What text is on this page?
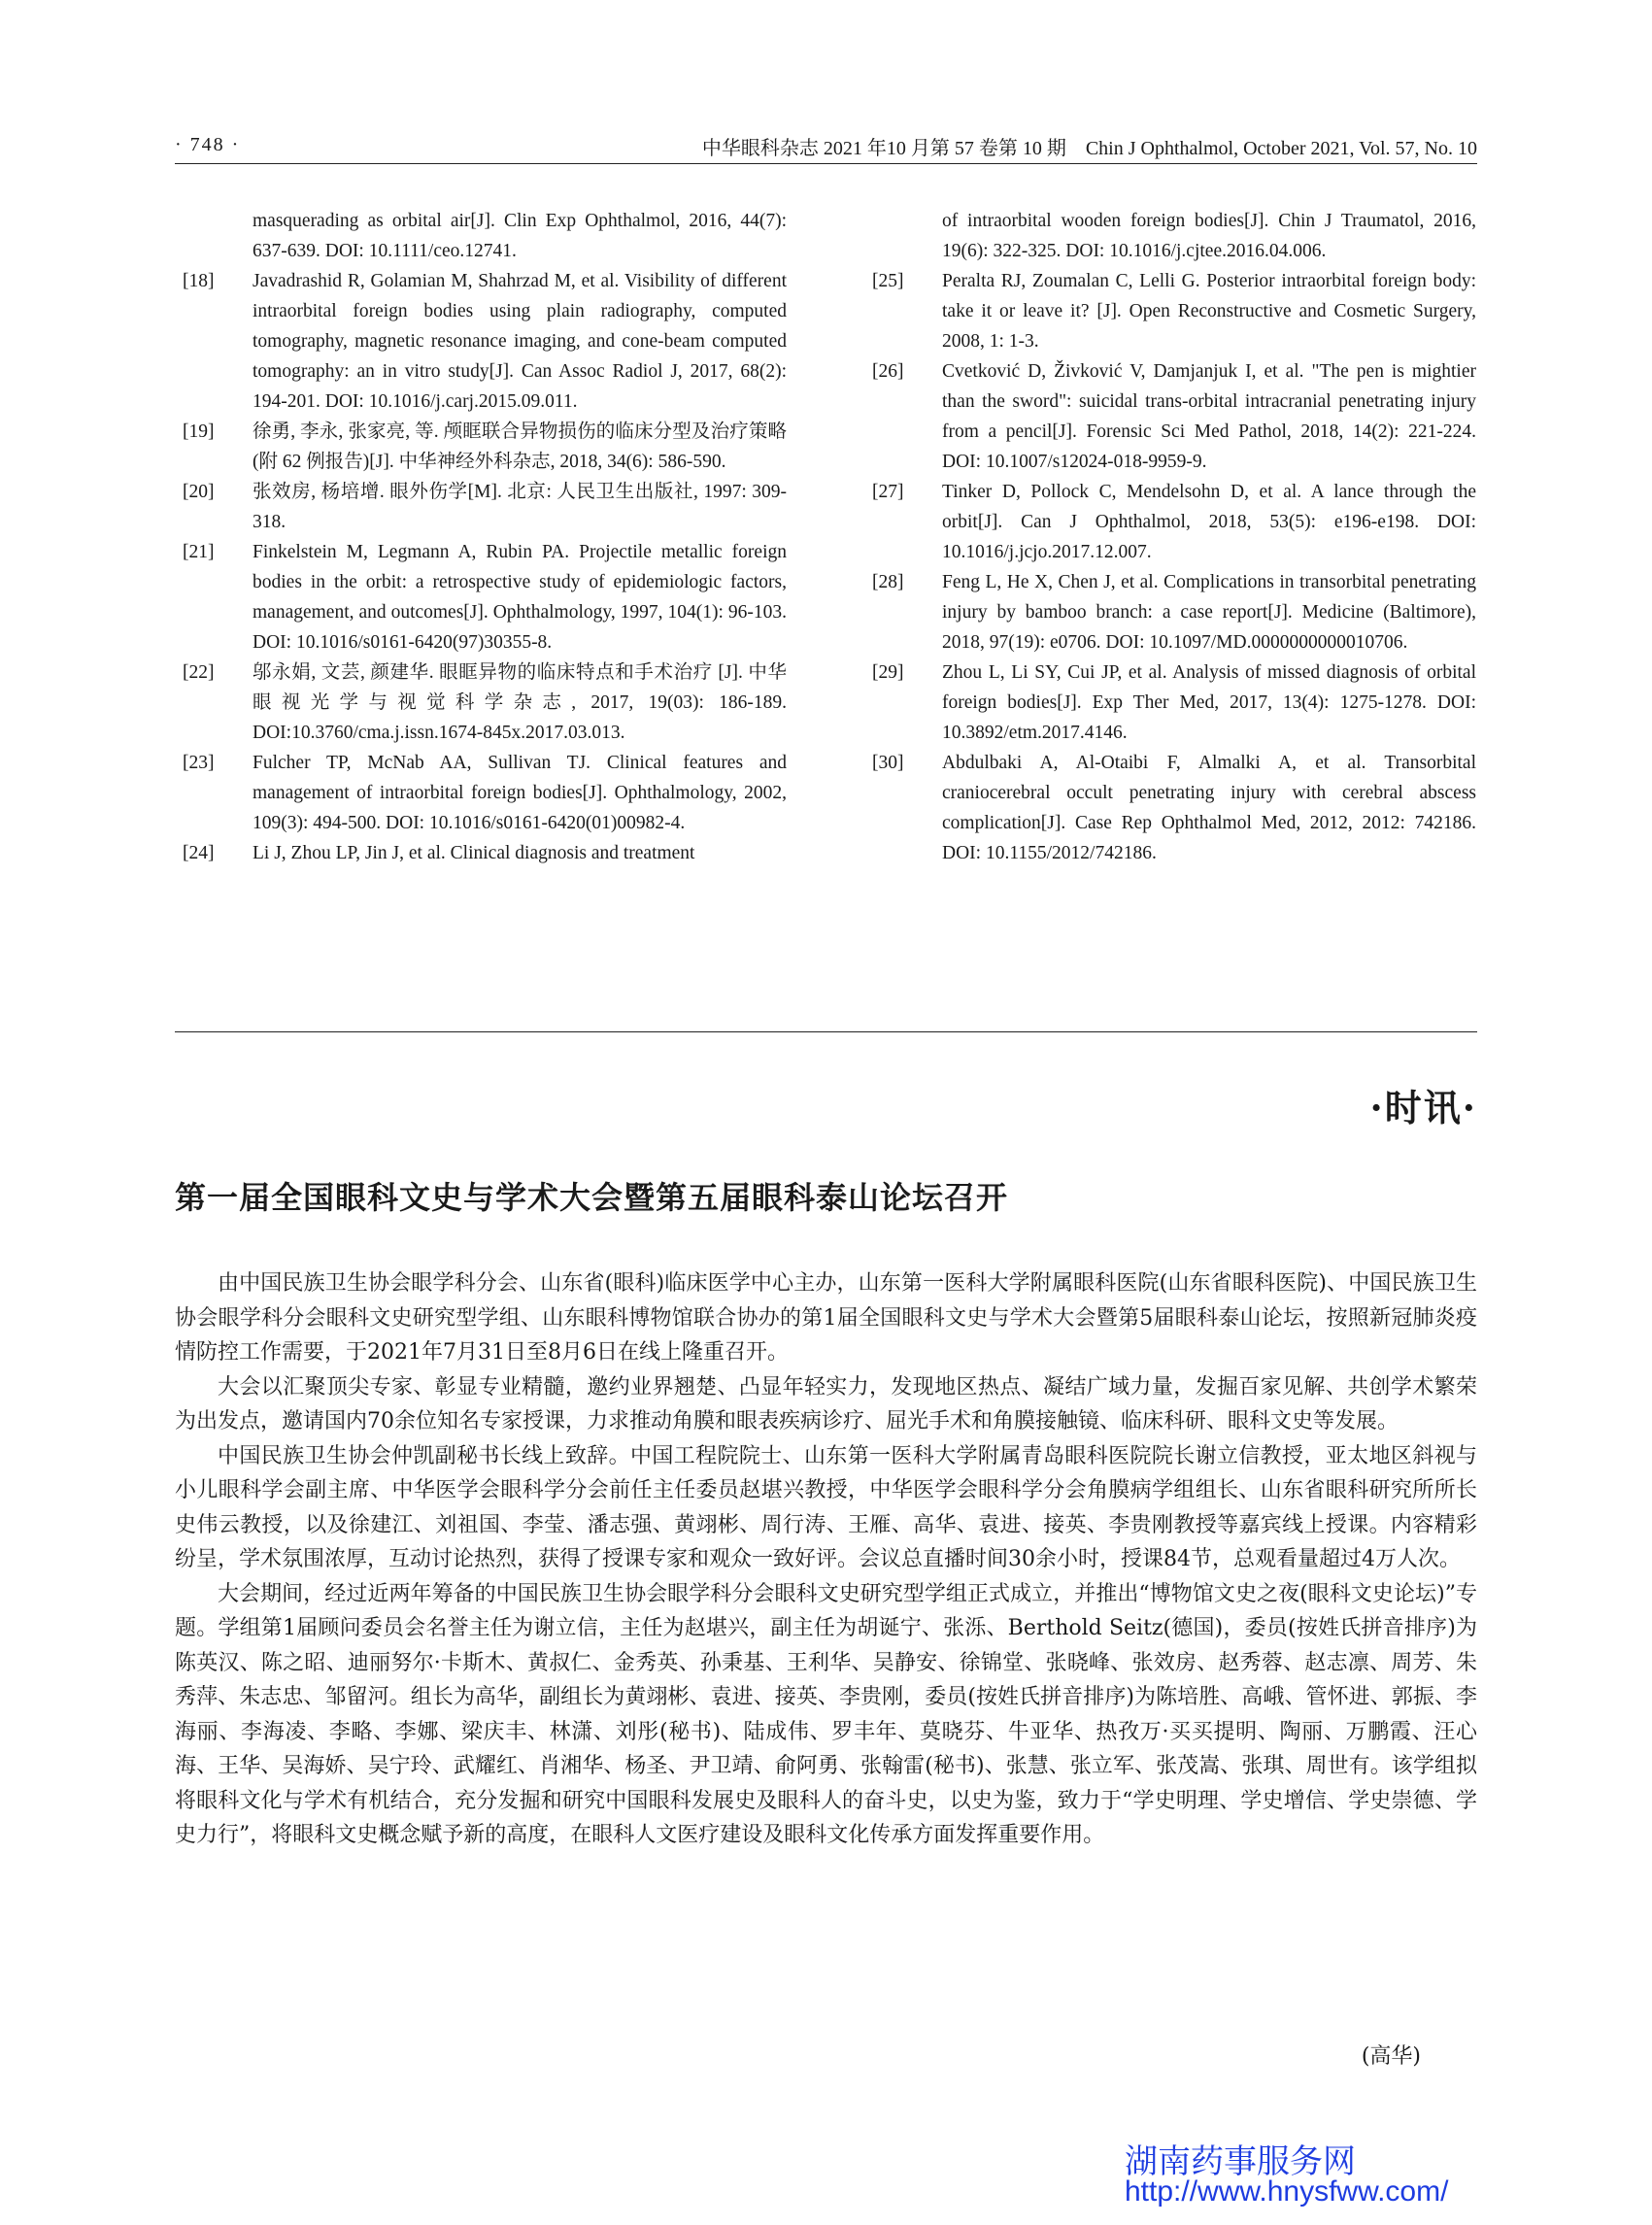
· 748 ·	中华眼科杂志 2021 年10 月第 57 卷第 10 期　Chin J Ophthalmol, October 2021, Vol. 57, No. 10
masquerading as orbital air[J]. Clin Exp Ophthalmol, 2016, 44(7): 637-639. DOI: 10.1111/ceo.12741.
[18] Javadrashid R, Golamian M, Shahrzad M, et al. Visibility of different intraorbital foreign bodies using plain radiography, computed tomography, magnetic resonance imaging, and cone-beam computed tomography: an in vitro study[J]. Can Assoc Radiol J, 2017, 68(2): 194-201. DOI: 10.1016/j.carj.2015.09.011.
[19] 徐勇, 李永, 张家亮, 等. 颅眶联合异物损伤的临床分型及治疗策略(附 62 例报告)[J]. 中华神经外科杂志, 2018, 34(6): 586-590.
[20] 张效房, 杨培增. 眼外伤学[M]. 北京: 人民卫生出版社, 1997: 309-318.
[21] Finkelstein M, Legmann A, Rubin PA. Projectile metallic foreign bodies in the orbit: a retrospective study of epidemiologic factors, management, and outcomes[J]. Ophthalmology, 1997, 104(1): 96-103. DOI: 10.1016/s0161-6420(97)30355-8.
[22] 邬永娟, 文芸, 颜建华. 眼眶异物的临床特点和手术治疗 [J]. 中华眼视光学与视觉科学杂志, 2017, 19(03): 186-189. DOI:10.3760/cma.j.issn.1674-845x.2017.03.013.
[23] Fulcher TP, McNab AA, Sullivan TJ. Clinical features and management of intraorbital foreign bodies[J]. Ophthalmology, 2002, 109(3): 494-500. DOI: 10.1016/s0161-6420(01)00982-4.
[24] Li J, Zhou LP, Jin J, et al. Clinical diagnosis and treatment
of intraorbital wooden foreign bodies[J]. Chin J Traumatol, 2016, 19(6): 322-325. DOI: 10.1016/j.cjtee.2016.04.006.
[25] Peralta RJ, Zoumalan C, Lelli G. Posterior intraorbital foreign body: take it or leave it? [J]. Open Reconstructive and Cosmetic Surgery, 2008, 1: 1-3.
[26] Cvetković D, Živković V, Damjanjuk I, et al. "The pen is mightier than the sword": suicidal trans-orbital intracranial penetrating injury from a pencil[J]. Forensic Sci Med Pathol, 2018, 14(2): 221-224. DOI: 10.1007/s12024-018-9959-9.
[27] Tinker D, Pollock C, Mendelsohn D, et al. A lance through the orbit[J]. Can J Ophthalmol, 2018, 53(5): e196-e198. DOI: 10.1016/j.jcjo.2017.12.007.
[28] Feng L, He X, Chen J, et al. Complications in transorbital penetrating injury by bamboo branch: a case report[J]. Medicine (Baltimore), 2018, 97(19): e0706. DOI: 10.1097/MD.0000000000010706.
[29] Zhou L, Li SY, Cui JP, et al. Analysis of missed diagnosis of orbital foreign bodies[J]. Exp Ther Med, 2017, 13(4): 1275-1278. DOI: 10.3892/etm.2017.4146.
[30] Abdulbaki A, Al-Otaibi F, Almalki A, et al. Transorbital craniocerebral occult penetrating injury with cerebral abscess complication[J]. Case Rep Ophthalmol Med, 2012, 2012: 742186. DOI: 10.1155/2012/742186.
·时讯·
第一届全国眼科文史与学术大会暨第五届眼科泰山论坛召开

由中国民族卫生协会眼学科分会、山东省(眼科)临床医学中心主办，山东第一医科大学附属眼科医院(山东省眼科医院)、中国民族卫生协会眼学科分会眼科文史研究型学组、山东眼科博物馆联合协办的第1届全国眼科文史与学术大会暨第5届眼科泰山论坛，按照新冠肺炎疫情防控工作需要，于2021年7月31日至8月6日在线上隆重召开。

大会以汇聚顶尖专家、彰显专业精髓，邀约业界翘楚、凸显年轻实力，发现地区热点、凝结广域力量，发掘百家见解、共创学术繁荣为出发点，邀请国内70余位知名专家授课，力求推动角膜和眼表疾病诊疗、屈光手术和角膜接触镜、临床科研、眼科文史等发展。

中国民族卫生协会仲凯副秘书长线上致辞。中国工程院院士、山东第一医科大学附属青岛眼科医院院长谢立信教授，亚太地区斜视与小儿眼科学会副主席、中华医学会眼科学分会前任主任委员赵堪兴教授，中华医学会眼科学分会角膜病学组组长、山东省眼科研究所所长史伟云教授，以及徐建江、刘祖国、李莹、潘志强、黄翊彬、周行涛、王雁、高华、袁进、接英、李贵刚教授等嘉宾线上授课。内容精彩纷呈，学术氛围浓厚，互动讨论热烈，获得了授课专家和观众一致好评。会议总直播时间30余小时，授课84节，总观看量超过4万人次。

大会期间，经过近两年筹备的中国民族卫生协会眼学科分会眼科文史研究型学组正式成立，并推出“博物馆文史之夜(眼科文史论坛)”专题。学组第1届顾问委员会名誉主任为谢立信，主任为赵堪兴，副主任为胡诞宁、张泺、Berthold Seitz(德国)，委员(按姓氏拼音排序)为陈英汉、陈之昭、迪丽努尔·卡斯木、黄叔仁、金秀英、孙秉基、王利华、吴静安、徐锦堂、张晓峰、张效房、赵秀蓉、赵志凛、周芳、朱秀萍、朱志忠、邹留河。组长为高华，副组长为黄翊彬、袁进、接英、李贵刚，委员(按姓氏拼音排序)为陈培胜、高峨、管怀进、郭振、李海丽、李海凌、李略、李娜、梁庆丰、林潇、刘彤(秘书)、陆成伟、罗丰年、莫晓芬、牛亚华、热孜万·买买提明、陶丽、万鹏霞、汪心海、王华、吴海娇、吴宁玲、武耀红、肖湘华、杨圣、尹卫靖、俞阿勇、张翰雷(秘书)、张慧、张立军、张茂嵩、张琪、周世有。该学组拟将眼科文化与学术有机结合，充分发掘和研究中国眼科发展史及眼科人的奋斗史，以史为鉴，致力于“学史明理、学史增信、学史崇德、学史力行”，将眼科文史概念赋予新的高度，在眼科人文医疗建设及眼科文化传承方面发挥重要作用。

(高华)
湖南药事服务网
http://www.hnysfww.com/
